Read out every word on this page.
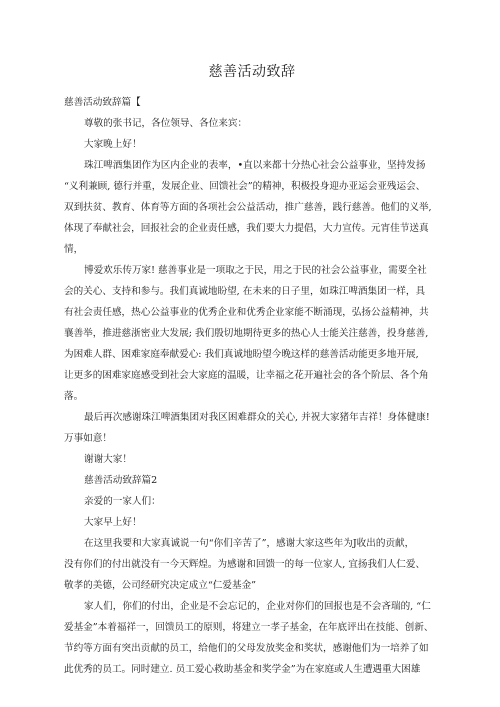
慈善活动致辞

慈善活动致辞篇【

尊敬的张书记，各位领导、各位来宾：

大家晚上好！

珠江啤酒集团作为区内企业的表率，•直以来都十分热心社会公益事业，坚持发扬

“义利兼顾, 德行并重，发展企业、回馈社会”的精神，积极投身迎办亚运会亚残运会、

双到扶贫、教育、体育等方面的各项社会公益活动，推广慈善，践行慈善。他们的义举,

体现了奉献社会，回报社会的企业责任感，我们要大力提倡，大力宣传。元宵佳节送真

情，

博爱欢乐传万家! 慈善事业是一项取之于民，用之于民的社会公益事业，需要全社

会的关心、支持和参与。我们真诚地盼望, 在未来的日子里，如珠江啤酒集团一样，具

有社会责任感，热心公益事业的优秀企业和优秀企业家能不断涌现，弘扬公益精神，共

襄善举，推进慈浙密业大发展; 我们殷切地期待更多的热心人士能关注慈善，投身慈善,

为困难人群、困难家庭奉献爱心: 我们真诚地盼望今晚这样的慈善活动能更多地开展,

让更多的困难家庭感受到社会大家庭的温暖，让幸福之花开遍社会的各个阶层、各个角

落。

最后再次感谢珠江啤酒集团对我区困难群众的关心, 并祝大家猪年吉祥！身体健康!

万事如意！

谢谢大家！

慈善活动致辞篇2

亲爱的一家人们：

大家早上好！

在这里我要和大家真诚说一句“你们辛苦了”，感谢大家这些年为J收出的贡献，

没有你们的付出就没有一今天辉煌。为感谢和回馈一的每一位家人, 宜扬我们人仁爱、

敬孝的美德，公司经研究决定成立“仁爱基金”

家人们，你们的付出，企业是不会忘记的，企业对你们的回报也是不会吝瑞的, “仁

爱基金”本着福祥一，回馈员工的原则，将建立一孝子基金，在年底评出在技能、创新、

节约等方面有突出贡献的员工，给他们的父母发放奖金和奖状，感谢他们为一培养了如

此优秀的员工。同时建立. 员工爱心救助基金和奖学金”为在家庭或人生遭遇重大困雄
